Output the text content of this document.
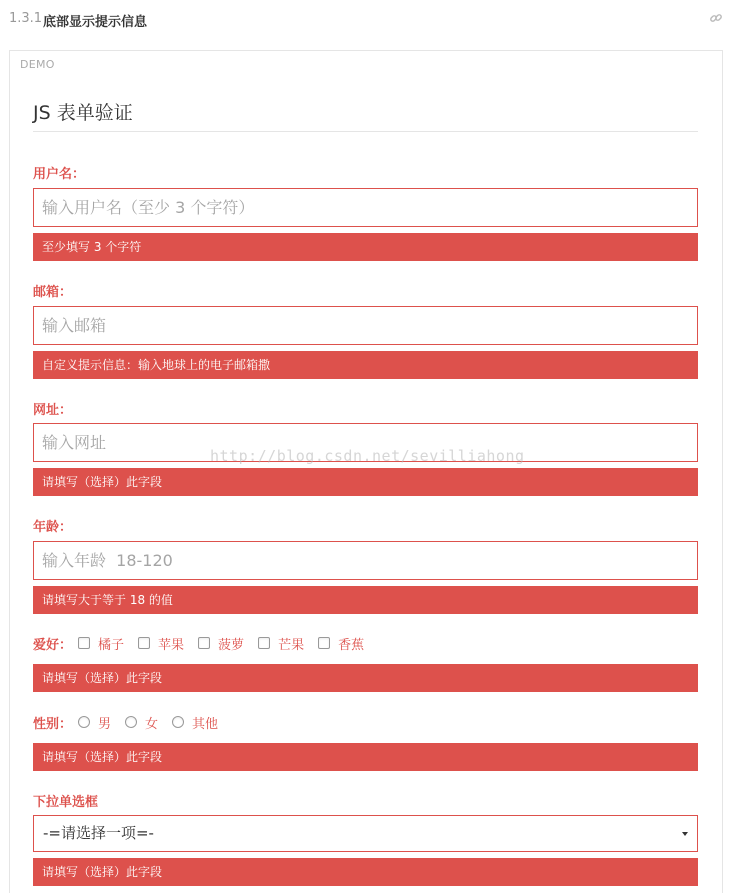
1.3.1 底部显示提示信息
DEMO
JS 表单验证
用户名：
输入用户名（至少 3 个字符）
至少填写 3 个字符
邮箱：
输入邮箱
自定义提示信息：输入地球上的电子邮箱撒
网址：
输入网址
请填写（选择）此字段
年龄：
输入年龄 18-120
请填写大于等于 18 的值
爱好： 橘子	苹果	菠萝	芒果	香蕉
请填写（选择）此字段
性别： 男	女	其他
请填写（选择）此字段
下拉单选框
-=请选择一项=-
请填写（选择）此字段
http://blog.csdn.net/sevilliahong
